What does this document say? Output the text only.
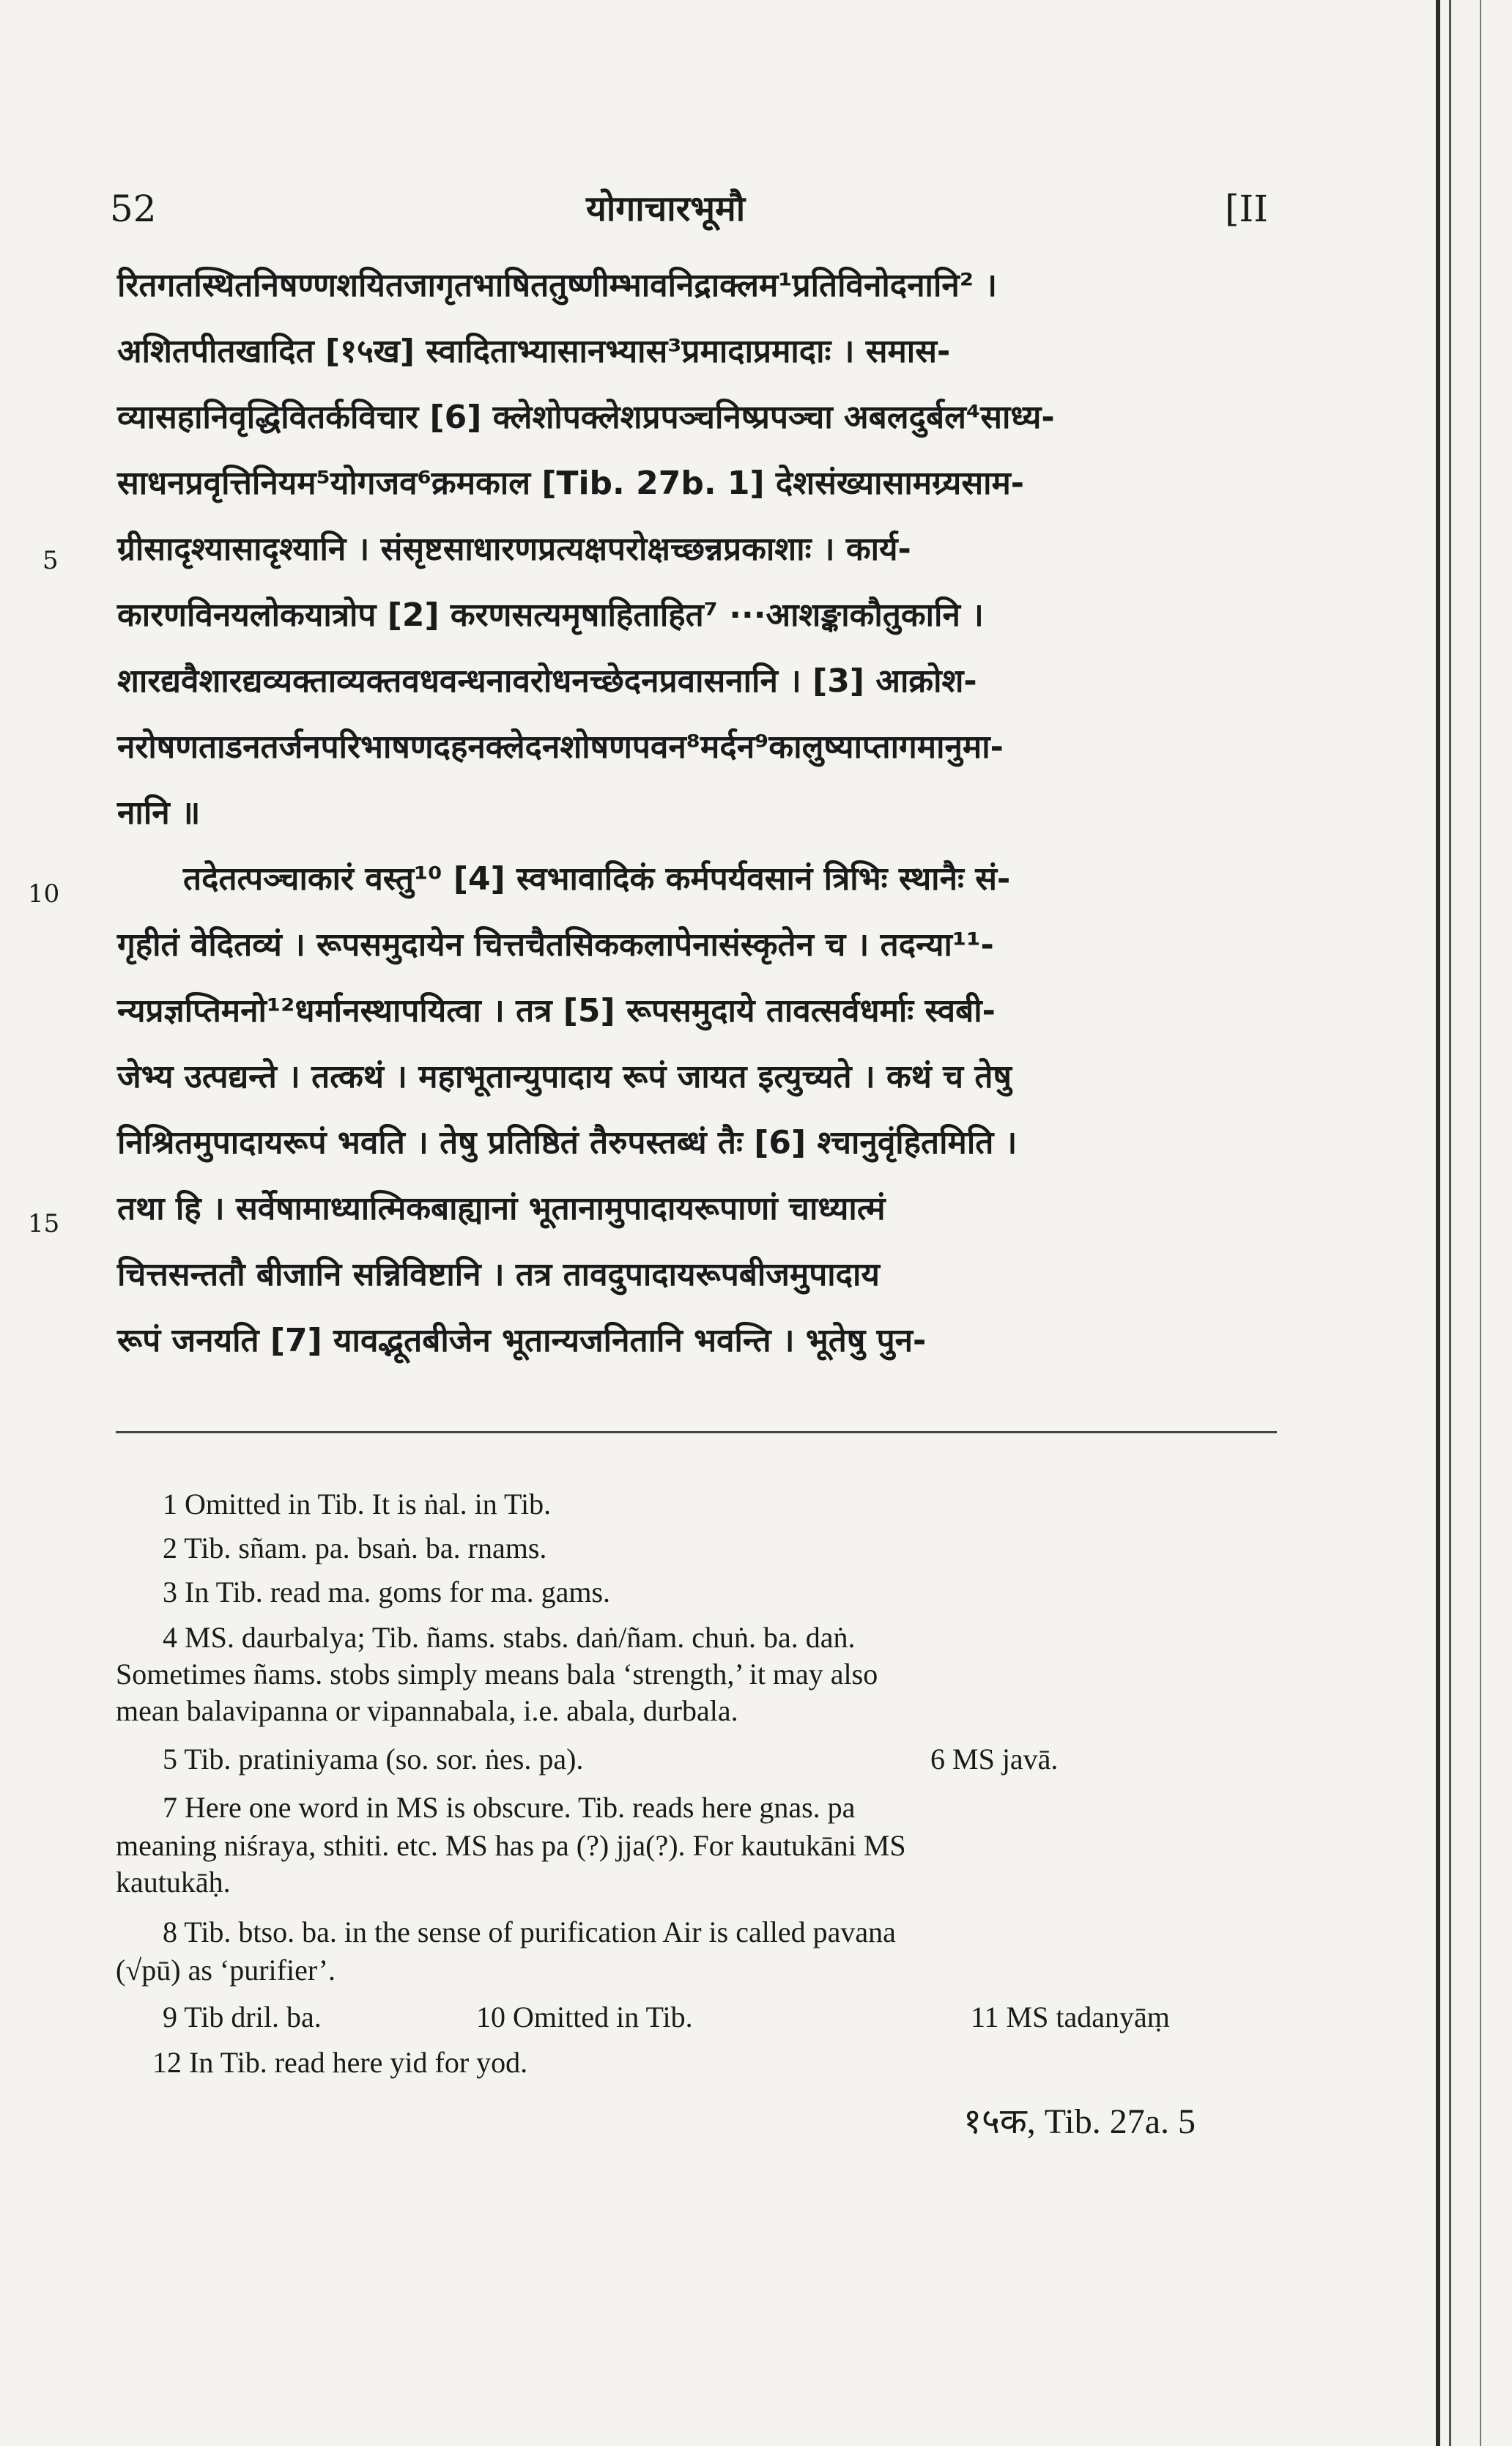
52	योगाचारभूमौ	[II
रितगतस्थितनिषण्णशयितजागृतभाषिततुष्णीम्भावनिद्राक्लम¹प्रतिविनोदनानि² ।
अशितपीतखादित [१५ख] स्वादिताभ्यासानभ्यास³प्रमादाप्रमादाः । समास-
व्यासहानिवृद्धिवितर्कविचार [6] क्लेशोपक्लेशप्रपञ्चनिष्प्रपञ्चा अबलदुर्बल⁴साध्य-
साधनप्रवृत्तिनियम⁵योगजव⁶क्रमकाल [Tib. 27b. 1] देशसंख्यासामग्र्यसाम-
ग्रीसादृश्यासादृश्यानि । संसृष्टसाधारणप्रत्यक्षपरोक्षच्छन्नप्रकाशाः । कार्य-
कारणविनयलोकयात्रोप [2] करणसत्यमृषाहिताहित⁷ ···आशङ्काकौतुकानि ।
शारद्यवैशारद्यव्यक्ताव्यक्तवधवन्धनावरोधनच्छेदनप्रवासनानि । [3] आक्रोश-
नरोषणताडनतर्जनपरिभाषणदहनक्लेदनशोषणपवन⁸मर्दन⁹कालुष्याप्तागमानुमा-
नानि ॥
तदेतत्पञ्चाकारं वस्तु¹⁰ [4] स्वभावादिकं कर्मपर्यवसानं त्रिभिः स्थानैः सं-
गृहीतं वेदितव्यं । रूपसमुदायेन चित्तचैतसिककलापेनासंस्कृतेन च । तदन्या¹¹-
न्यप्रज्ञप्तिमनो¹²धर्मानस्थापयित्वा । तत्र [5] रूपसमुदाये तावत्सर्वधर्माः स्वबी-
जेभ्य उत्पद्यन्ते । तत्कथं । महाभूतान्युपादाय रूपं जायत इत्युच्यते । कथं च तेषु
निश्रितमुपादायरूपं भवति । तेषु प्रतिष्ठितं तैरुपस्तब्धं तैः [6] श्चानुवृंहितमिति ।
तथा हि । सर्वेषामाध्यात्मिकबाह्यानां भूतानामुपादायरूपाणां चाध्यात्मं
चित्तसन्ततौ बीजानि सन्निविष्टानि । तत्र तावदुपादायरूपबीजमुपादाय
रूपं जनयति [7] यावद्भूतबीजेन भूतान्यजनितानि भवन्ति । भूतेषु पुन-
5
10
15
1 Omitted in Tib. It is ṅal. in Tib.
2 Tib. sñam. pa. bsaṅ. ba. rnams.
3 In Tib. read ma. goms for ma. gams.
4 MS. daurbalya; Tib. ñams. stabs. daṅ/ñam. chuṅ. ba. daṅ.
Sometimes ñams. stobs simply means bala ‘strength,’ it may also
mean balavipanna or vipannabala, i.e. abala, durbala.
5 Tib. pratiniyama (so. sor. ṅes. pa).	6 MS javā.
7 Here one word in MS is obscure. Tib. reads here gnas. pa
meaning niśraya, sthiti. etc. MS has pa (?) jja(?). For kautukāni MS
kautukāḥ.
8 Tib. btso. ba. in the sense of purification Air is called pavana
(√pū) as ‘purifier’.
9 Tib dril. ba.	10 Omitted in Tib.	11 MS tadanyāṃ
12 In Tib. read here yid for yod.
१५क, Tib. 27a. 5
